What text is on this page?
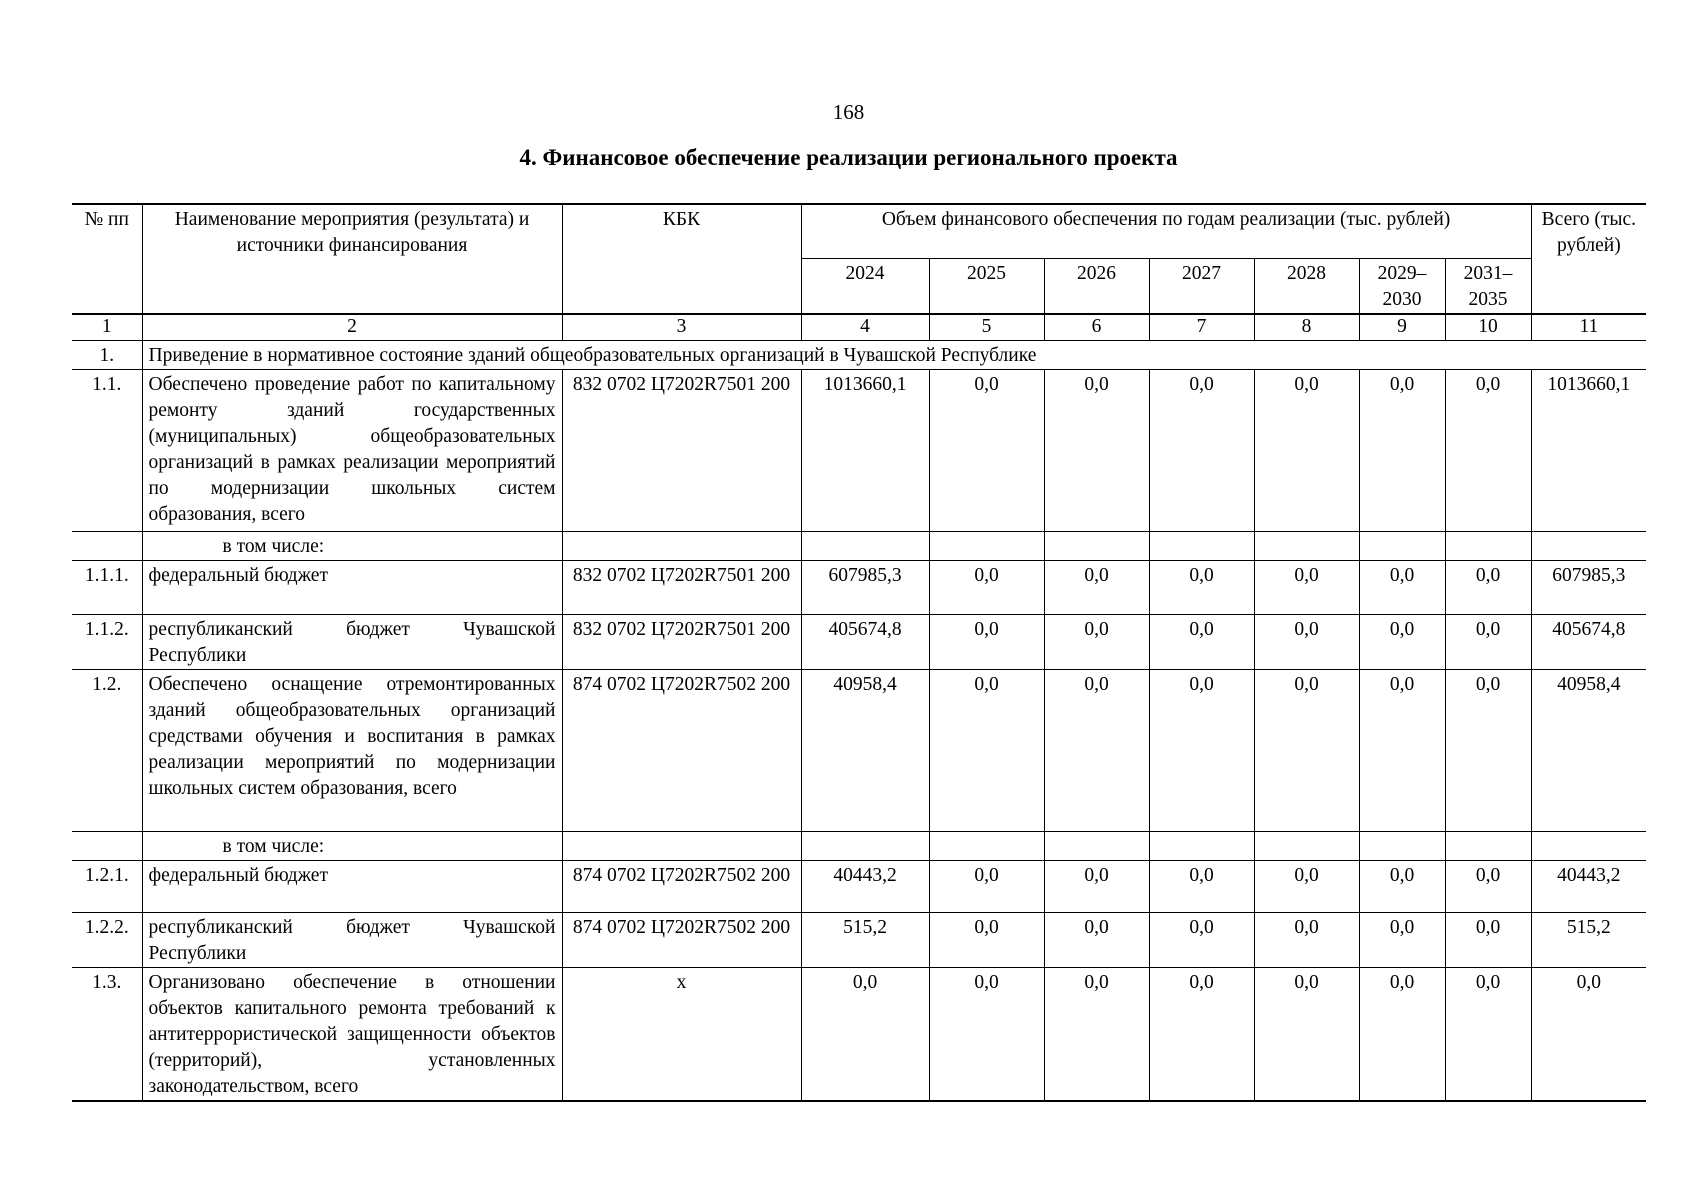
168
4. Финансовое обеспечение реализации регионального проекта
№ пп	Наименование мероприятия (результата) и источники финансирования	КБК	Объем финансового обеспечения по годам реализации (тыс. рублей)							Всего (тыс. рублей)
			2024	2025	2026	2027	2028	2029–2030	2031–2035	
1	2	3	4	5	6	7	8	9	10	11
1.	Приведение в нормативное состояние зданий общеобразовательных организаций в Чувашской Республике									
1.1.	Обеспечено проведение работ по капитальному ремонту зданий государственных (муниципальных) общеобразовательных организаций в рамках реализации мероприятий по модернизации школьных систем образования, всего	832 0702 Ц7202R7501 200	1013660,1	0,0	0,0	0,0	0,0	0,0	0,0	1013660,1
	в том числе:									
1.1.1.	федеральный бюджет	832 0702 Ц7202R7501 200	607985,3	0,0	0,0	0,0	0,0	0,0	0,0	607985,3
1.1.2.	республиканский бюджет Чувашской Республики	832 0702 Ц7202R7501 200	405674,8	0,0	0,0	0,0	0,0	0,0	0,0	405674,8
1.2.	Обеспечено оснащение отремонтированных зданий общеобразовательных организаций средствами обучения и воспитания в рамках реализации мероприятий по модернизации школьных систем образования, всего	874 0702 Ц7202R7502 200	40958,4	0,0	0,0	0,0	0,0	0,0	0,0	40958,4
	в том числе:									
1.2.1.	федеральный бюджет	874 0702 Ц7202R7502 200	40443,2	0,0	0,0	0,0	0,0	0,0	0,0	40443,2
1.2.2.	республиканский бюджет Чувашской Республики	874 0702 Ц7202R7502 200	515,2	0,0	0,0	0,0	0,0	0,0	0,0	515,2
1.3.	Организовано обеспечение в отношении объектов капитального ремонта требований к антитеррористической защищенности объектов (территорий), установленных законодательством, всего	x	0,0	0,0	0,0	0,0	0,0	0,0	0,0	0,0
